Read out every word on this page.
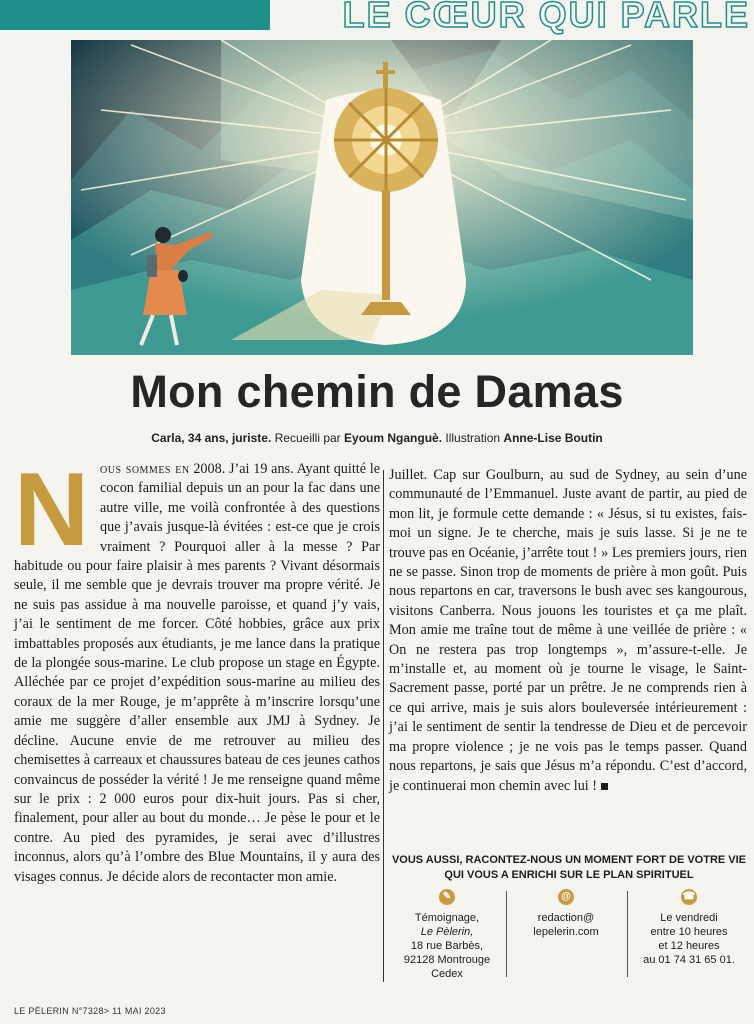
LE CŒUR QUI PARLE
Mon chemin de Damas
Carla, 34 ans, juriste. Recueilli par Eyoum Nganguè. Illustration Anne-Lise Boutin

Nous sommes en 2008. J’ai 19 ans. Ayant quitté le cocon familial depuis un an pour la fac dans une autre ville, me voilà confrontée à des questions que j’avais jusque-là évitées : est-ce que je crois vraiment ? Pourquoi aller à la messe ? Par habitude ou pour faire plaisir à mes parents ? Vivant désormais seule, il me semble que je devrais trouver ma propre vérité. Je ne suis pas assidue à ma nouvelle paroisse, et quand j’y vais, j’ai le sentiment de me forcer. Côté hobbies, grâce aux prix imbattables proposés aux étudiants, je me lance dans la pratique de la plongée sous-marine. Le club propose un stage en Égypte. Alléchée par ce projet d’expédition sous-marine au milieu des coraux de la mer Rouge, je m’apprête à m’inscrire lorsqu’une amie me suggère d’aller ensemble aux JMJ à Sydney. Je décline. Aucune envie de me retrouver au milieu des chemisettes à carreaux et chaussures bateau de ces jeunes cathos convaincus de posséder la vérité ! Je me renseigne quand même sur le prix : 2 000 euros pour dix-huit jours. Pas si cher, finalement, pour aller au bout du monde… Je pèse le pour et le contre. Au pied des pyramides, je serai avec d’illustres inconnus, alors qu’à l’ombre des Blue Mountains, il y aura des visages connus. Je décide alors de recontacter mon amie.

Juillet. Cap sur Goulburn, au sud de Sydney, au sein d’une communauté de l’Emmanuel. Juste avant de partir, au pied de mon lit, je formule cette demande : « Jésus, si tu existes, fais-moi un signe. Je te cherche, mais je suis lasse. Si je ne te trouve pas en Océanie, j’arrête tout ! » Les premiers jours, rien ne se passe. Sinon trop de moments de prière à mon goût. Puis nous repartons en car, traversons le bush avec ses kangourous, visitons Canberra. Nous jouons les touristes et ça me plaît. Mon amie me traîne tout de même à une veillée de prière : « On ne restera pas trop longtemps », m’assure-t-elle. Je m’installe et, au moment où je tourne le visage, le Saint-Sacrement passe, porté par un prêtre. Je ne comprends rien à ce qui arrive, mais je suis alors bouleversée intérieurement : j’ai le sentiment de sentir la tendresse de Dieu et de percevoir ma propre violence ; je ne vois pas le temps passer. Quand nous repartons, je sais que Jésus m’a répondu. C’est d’accord, je continuerai mon chemin avec lui !

VOUS AUSSI, RACONTEZ-NOUS UN MOMENT FORT DE VOTRE VIE
QUI VOUS A ENRICHI SUR LE PLAN SPIRITUEL
✎
Témoignage,
Le Pèlerin,
18 rue Barbès,
92128 Montrouge
Cedex
@
redaction@
lepelerin.com
☎
Le vendredi
entre 10 heures
et 12 heures
au 01 74 31 65 01.
LE PÈLERIN N°7328> 11 MAI 2023
